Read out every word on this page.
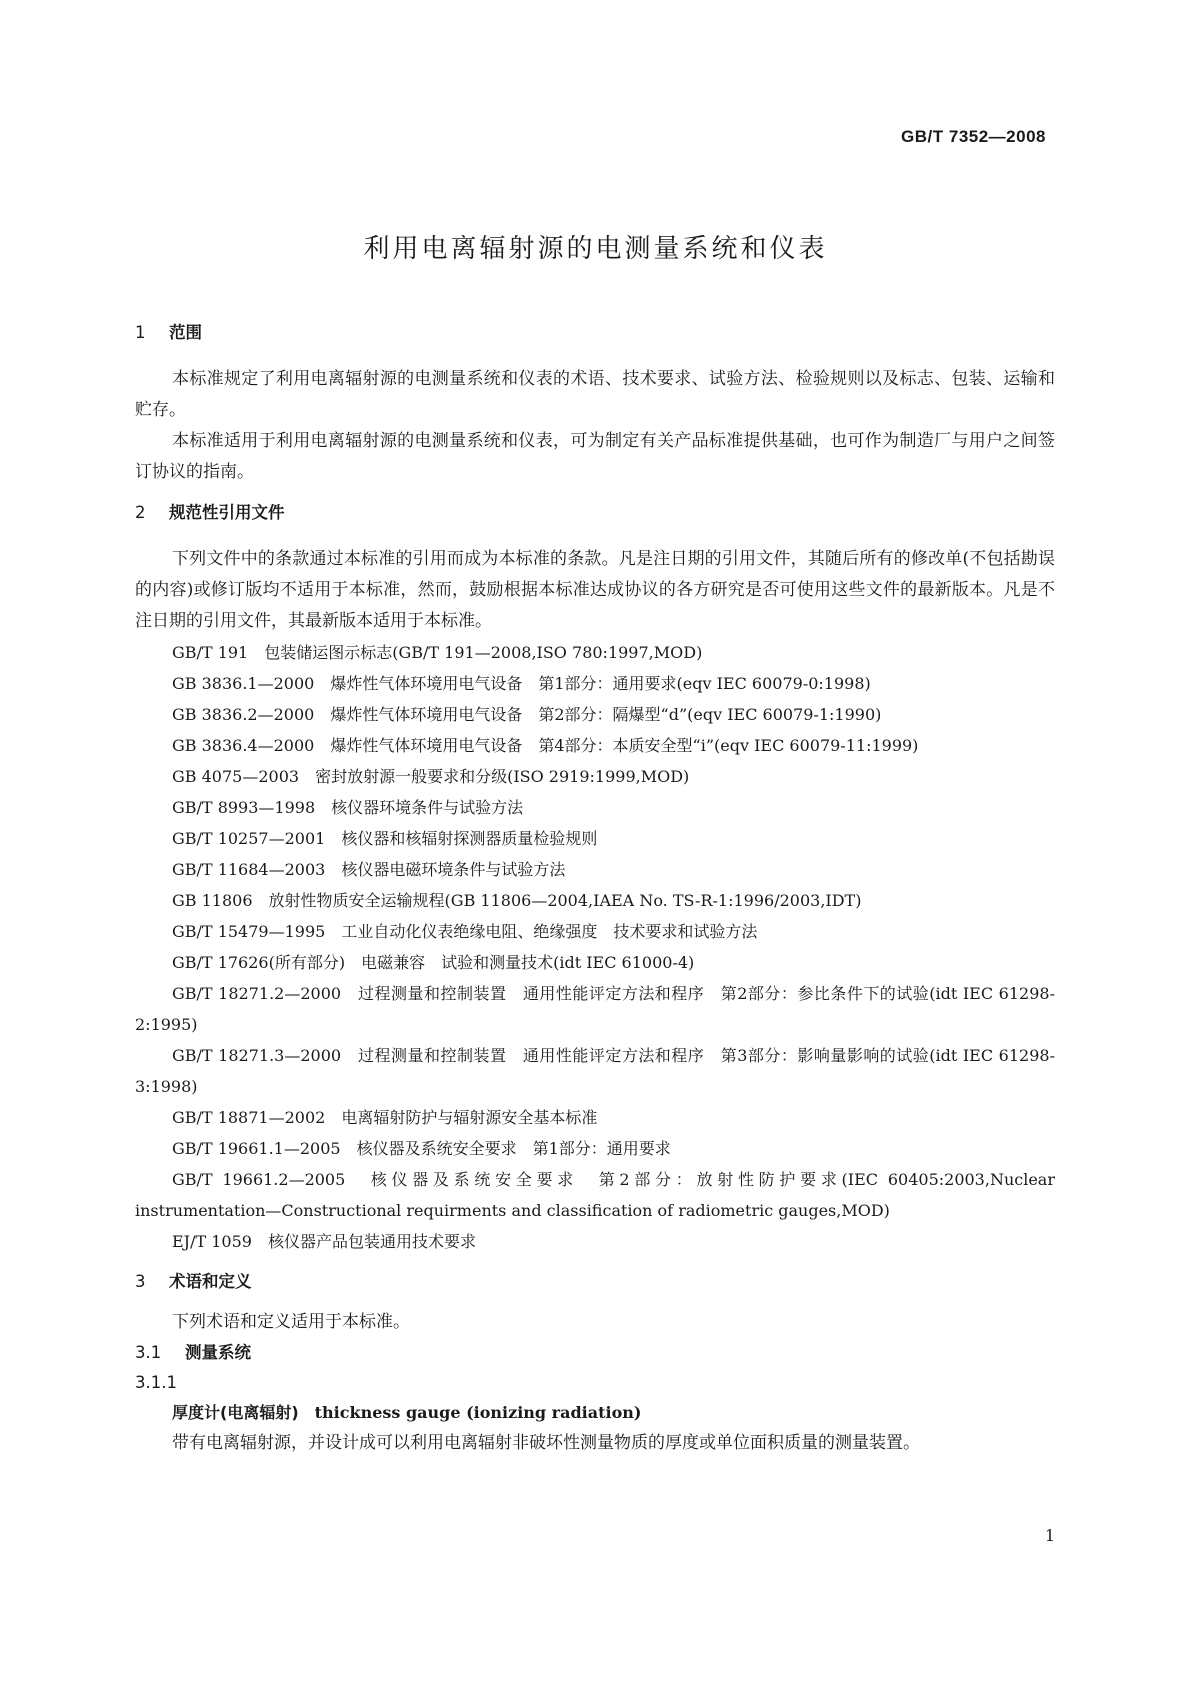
GB/T 7352—2008
利用电离辐射源的电测量系统和仪表
1 范围

本标准规定了利用电离辐射源的电测量系统和仪表的术语、技术要求、试验方法、检验规则以及标志、包装、运输和贮存。

本标准适用于利用电离辐射源的电测量系统和仪表，可为制定有关产品标准提供基础，也可作为制造厂与用户之间签订协议的指南。

2 规范性引用文件

下列文件中的条款通过本标准的引用而成为本标准的条款。凡是注日期的引用文件，其随后所有的修改单(不包括勘误的内容)或修订版均不适用于本标准，然而，鼓励根据本标准达成协议的各方研究是否可使用这些文件的最新版本。凡是不注日期的引用文件，其最新版本适用于本标准。

GB/T 191　 包装储运图示标志(GB/T 191—2008,ISO 780:1997,MOD)
GB 3836.1—2000　 爆炸性气体环境用电气设备　第1部分：通用要求(eqv IEC 60079-0:1998)
GB 3836.2—2000　 爆炸性气体环境用电气设备　第2部分：隔爆型“d”(eqv IEC 60079-1:1990)
GB 3836.4—2000　 爆炸性气体环境用电气设备　第4部分：本质安全型“i”(eqv IEC 60079-11:1999)
GB 4075—2003　 密封放射源一般要求和分级(ISO 2919:1999,MOD)
GB/T 8993—1998　 核仪器环境条件与试验方法
GB/T 10257—2001　 核仪器和核辐射探测器质量检验规则
GB/T 11684—2003　 核仪器电磁环境条件与试验方法
GB 11806　 放射性物质安全运输规程(GB 11806—2004,IAEA No. TS-R-1:1996/2003,IDT)
GB/T 15479—1995　 工业自动化仪表绝缘电阻、绝缘强度　技术要求和试验方法
GB/T 17626(所有部分)　 电磁兼容　试验和测量技术(idt IEC 61000-4)
GB/T 18271.2—2000　 过程测量和控制装置　通用性能评定方法和程序　第2部分：参比条件下的试验(idt IEC 61298-2:1995)
GB/T 18271.3—2000　 过程测量和控制装置　通用性能评定方法和程序　第3部分：影响量影响的试验(idt IEC 61298-3:1998)
GB/T 18871—2002　 电离辐射防护与辐射源安全基本标准
GB/T 19661.1—2005　 核仪器及系统安全要求　第1部分：通用要求
GB/T 19661.2—2005　 核仪器及系统安全要求　第2部分：放射性防护要求(IEC 60405:2003,Nuclear instrumentation—Constructional requirments and classification of radiometric gauges,MOD)
EJ/T 1059　 核仪器产品包装通用技术要求
3 术语和定义

下列术语和定义适用于本标准。

3.1 测量系统
3.1.1
厚度计(电离辐射) thickness gauge (ionizing radiation)

带有电离辐射源，并设计成可以利用电离辐射非破坏性测量物质的厚度或单位面积质量的测量装置。

1
